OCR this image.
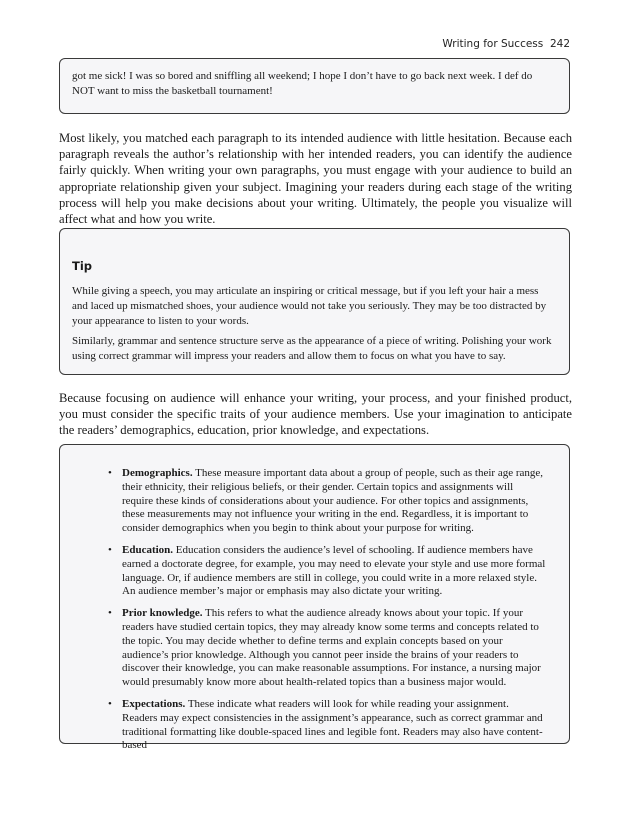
Writing for Success 242
got me sick! I was so bored and sniffling all weekend; I hope I don’t have to go back next week. I def do NOT want to miss the basketball tournament!

Most likely, you matched each paragraph to its intended audience with little hesitation. Because each paragraph reveals the author’s relationship with her intended readers, you can identify the audience fairly quickly. When writing your own paragraphs, you must engage with your audience to build an appropriate relationship given your subject. Imagining your readers during each stage of the writing process will help you make decisions about your writing. Ultimately, the people you visualize will affect what and how you write.

Tip

While giving a speech, you may articulate an inspiring or critical message, but if you left your hair a mess and laced up mismatched shoes, your audience would not take you seriously. They may be too distracted by your appearance to listen to your words.

Similarly, grammar and sentence structure serve as the appearance of a piece of writing. Polishing your work using correct grammar will impress your readers and allow them to focus on what you have to say.

Because focusing on audience will enhance your writing, your process, and your finished product, you must consider the specific traits of your audience members. Use your imagination to anticipate the readers’ demographics, education, prior knowledge, and expectations.

• Demographics. These measure important data about a group of people, such as their age range, their ethnicity, their religious beliefs, or their gender. Certain topics and assignments will require these kinds of considerations about your audience. For other topics and assignments, these measurements may not influence your writing in the end. Regardless, it is important to consider demographics when you begin to think about your purpose for writing.
• Education. Education considers the audience’s level of schooling. If audience members have earned a doctorate degree, for example, you may need to elevate your style and use more formal language. Or, if audience members are still in college, you could write in a more relaxed style. An audience member’s major or emphasis may also dictate your writing.
• Prior knowledge. This refers to what the audience already knows about your topic. If your readers have studied certain topics, they may already know some terms and concepts related to the topic. You may decide whether to define terms and explain concepts based on your audience’s prior knowledge. Although you cannot peer inside the brains of your readers to discover their knowledge, you can make reasonable assumptions. For instance, a nursing major would presumably know more about health-related topics than a business major would.
• Expectations. These indicate what readers will look for while reading your assignment. Readers may expect consistencies in the assignment’s appearance, such as correct grammar and traditional formatting like double-spaced lines and legible font. Readers may also have content-based
